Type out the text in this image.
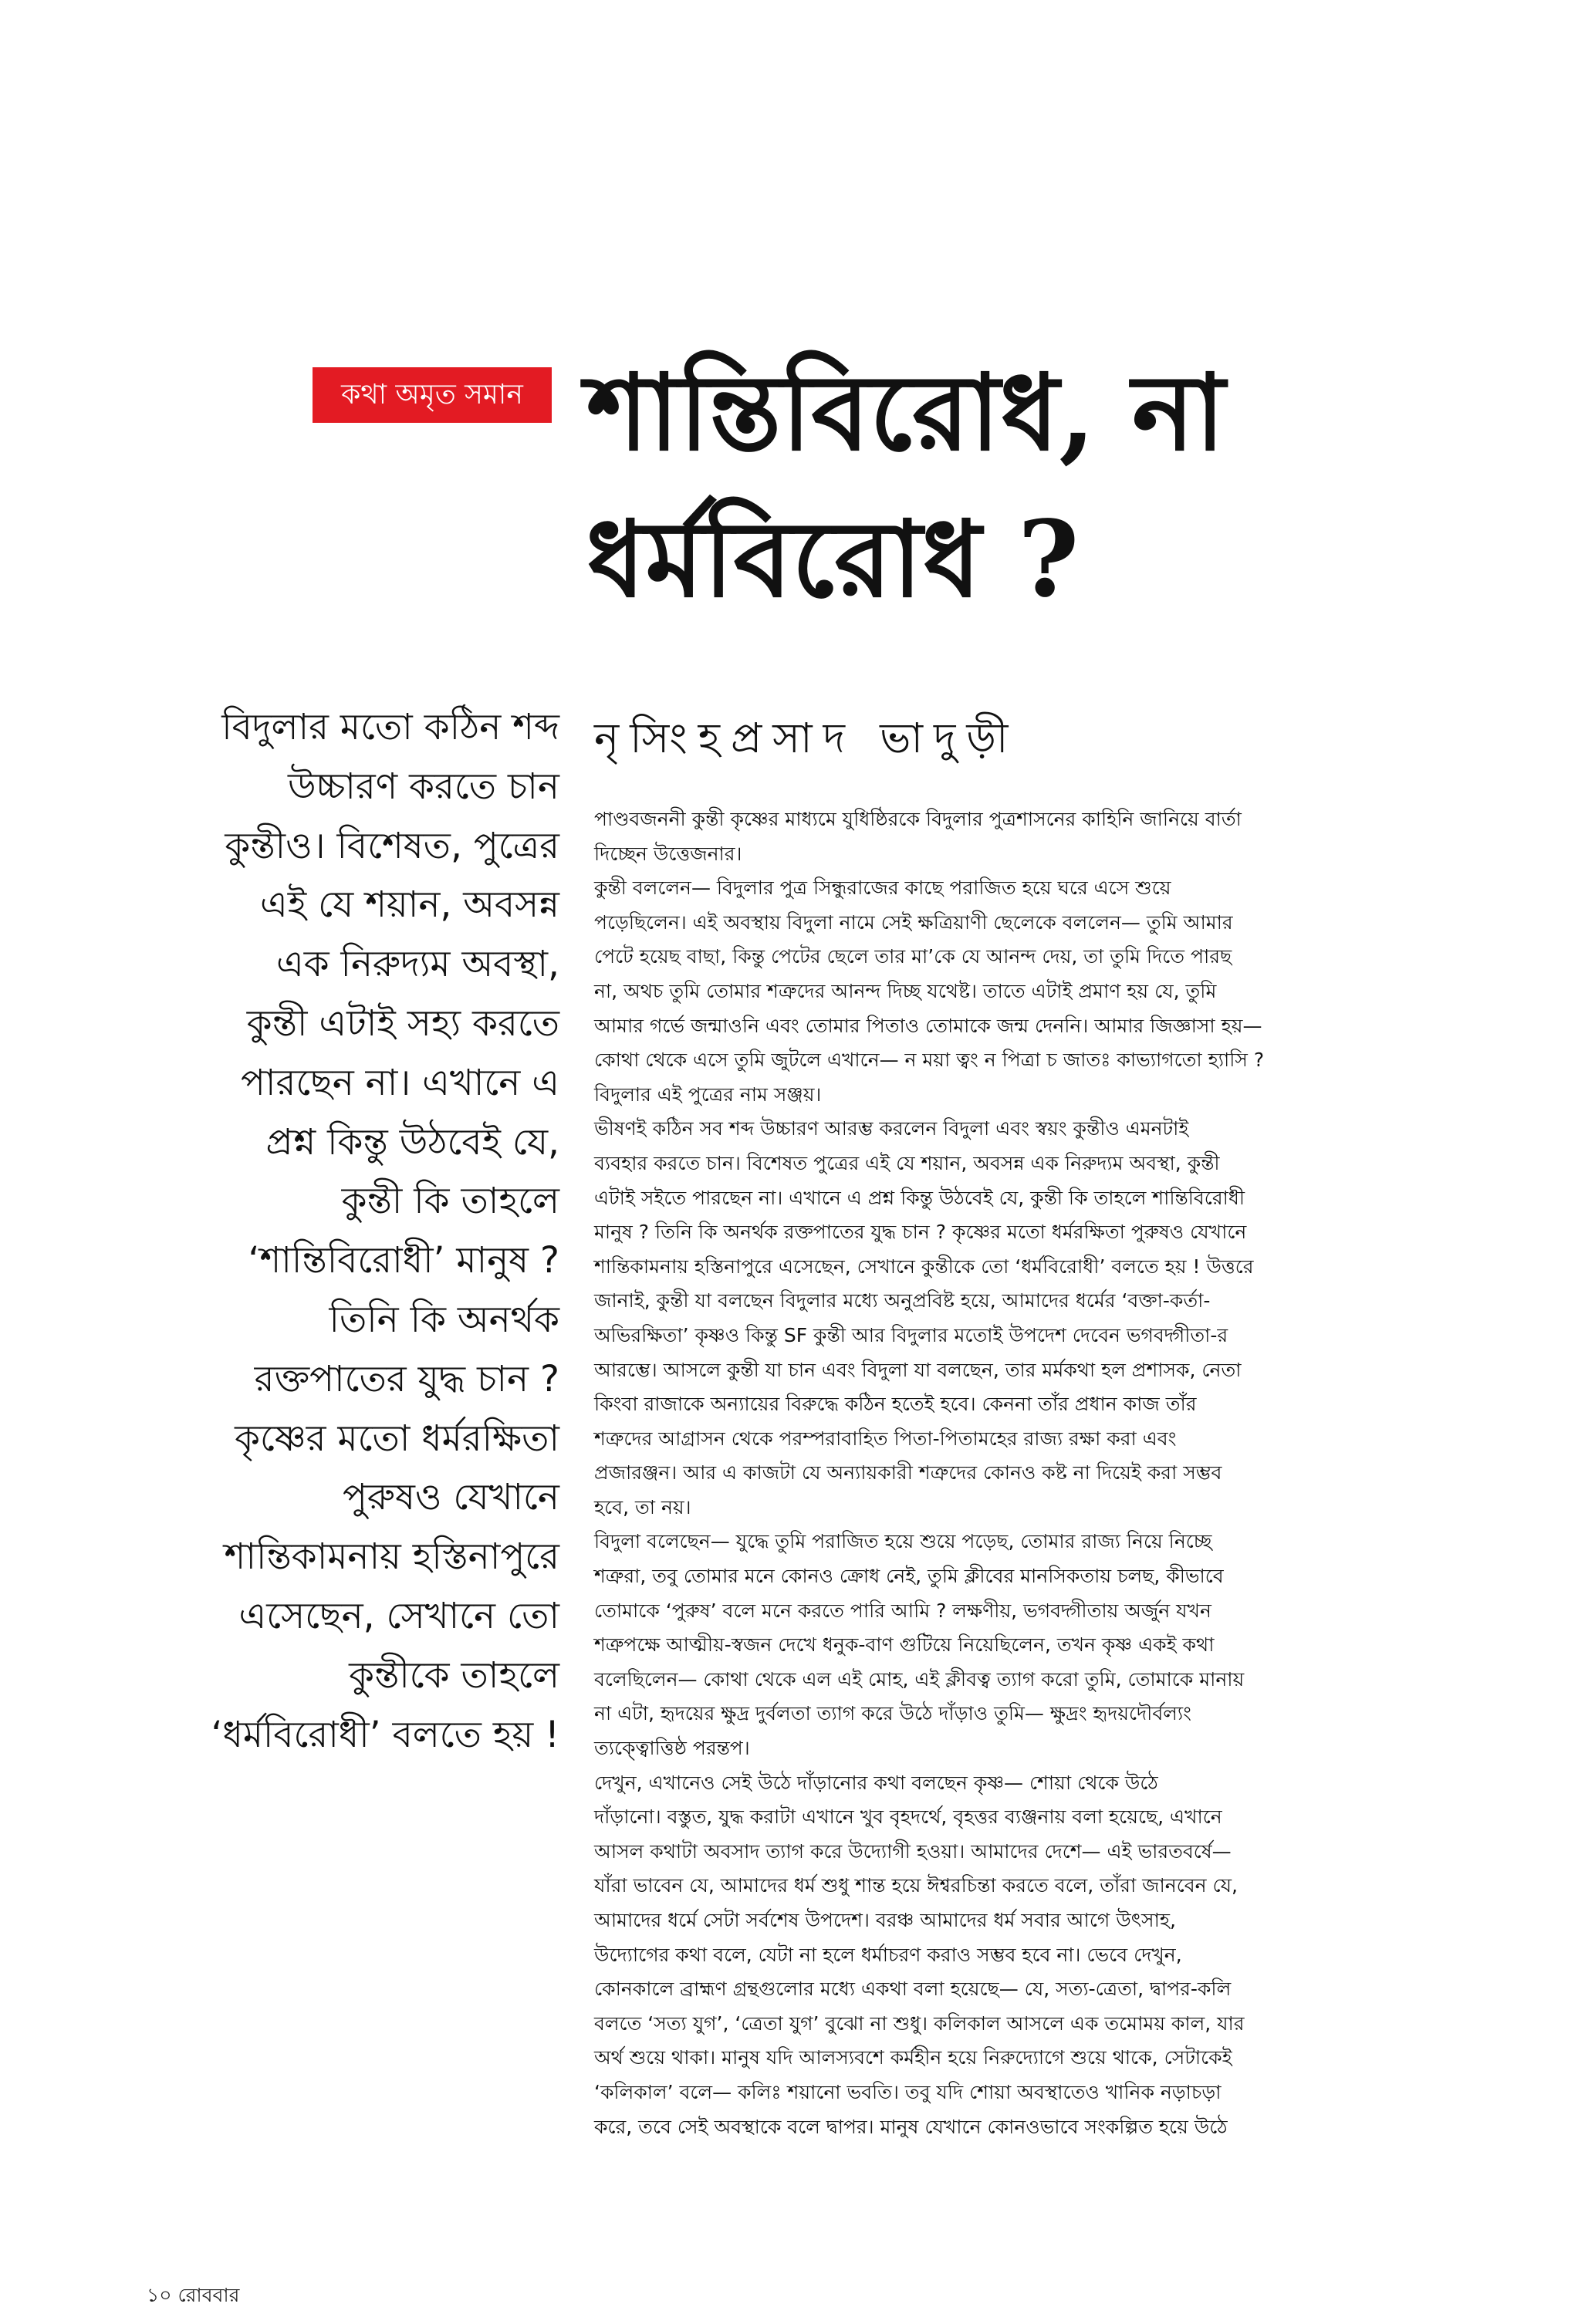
কথা অমৃত সমান শান্তিবিরোধ, না
ধর্মবিরোধ ?
বিদুলার মতো কঠিন শব্দ
উচ্চারণ করতে চান
কুন্তীও। বিশেষত, পুত্রের
এই যে শয়ান, অবসন্ন
এক নিরুদ্যম অবস্থা,
কুন্তী এটাই সহ্য করতে
পারছেন না। এখানে এ
প্রশ্ন কিন্তু উঠবেই যে,
কুন্তী কি তাহলে
‘শান্তিবিরোধী’ মানুষ ?
তিনি কি অনর্থক
রক্তপাতের যুদ্ধ চান ?
কৃষ্ণের মতো ধর্মরক্ষিতা
পুরুষও যেখানে
শান্তিকামনায় হস্তিনাপুরে
এসেছেন, সেখানে তো
কুন্তীকে তাহলে
‘ধর্মবিরোধী’ বলতে হয় !
নৃসিংহপ্রসাদ ভাদুড়ী
পাণ্ডবজননী কুন্তী কৃষ্ণের মাধ্যমে যুধিষ্ঠিরকে বিদুলার পুত্রশাসনের কাহিনি জানিয়ে বার্তা
দিচ্ছেন উত্তেজনার।
কুন্তী বললেন— বিদুলার পুত্র সিন্ধুরাজের কাছে পরাজিত হয়ে ঘরে এসে শুয়ে
পড়েছিলেন। এই অবস্থায় বিদুলা নামে সেই ক্ষত্রিয়াণী ছেলেকে বললেন— তুমি আমার
পেটে হয়েছ বাছা, কিন্তু পেটের ছেলে তার মা’কে যে আনন্দ দেয়, তা তুমি দিতে পারছ
না, অথচ তুমি তোমার শত্রুদের আনন্দ দিচ্ছ যথেষ্ট। তাতে এটাই প্রমাণ হয় যে, তুমি
আমার গর্ভে জন্মাওনি এবং তোমার পিতাও তোমাকে জন্ম দেননি। আমার জিজ্ঞাসা হয়—
কোথা থেকে এসে তুমি জুটলে এখানে— ন ময়া ত্বং ন পিত্রা চ জাতঃ কাভ্যাগতো হ্যাসি ?
বিদুলার এই পুত্রের নাম সঞ্জয়।
ভীষণই কঠিন সব শব্দ উচ্চারণ আরম্ভ করলেন বিদুলা এবং স্বয়ং কুন্তীও এমনটাই
ব্যবহার করতে চান। বিশেষত পুত্রের এই যে শয়ান, অবসন্ন এক নিরুদ্যম অবস্থা, কুন্তী
এটাই সইতে পারছেন না। এখানে এ প্রশ্ন কিন্তু উঠবেই যে, কুন্তী কি তাহলে শান্তিবিরোধী
মানুষ ? তিনি কি অনর্থক রক্তপাতের যুদ্ধ চান ? কৃষ্ণের মতো ধর্মরক্ষিতা পুরুষও যেখানে
শান্তিকামনায় হস্তিনাপুরে এসেছেন, সেখানে কুন্তীকে তো ‘ধর্মবিরোধী’ বলতে হয় ! উত্তরে
জানাই, কুন্তী যা বলছেন বিদুলার মধ্যে অনুপ্রবিষ্ট হয়ে, আমাদের ধর্মের ‘বক্তা-কর্তা-
অভিরক্ষিতা’ কৃষ্ণও কিন্তু SF কুন্তী আর বিদুলার মতোই উপদেশ দেবেন ভগবদ্গীতা-র
আরম্ভে। আসলে কুন্তী যা চান এবং বিদুলা যা বলছেন, তার মর্মকথা হল প্রশাসক, নেতা
কিংবা রাজাকে অন্যায়ের বিরুদ্ধে কঠিন হতেই হবে। কেননা তাঁর প্রধান কাজ তাঁর
শত্রুদের আগ্রাসন থেকে পরম্পরাবাহিত পিতা-পিতামহের রাজ্য রক্ষা করা এবং
প্রজারঞ্জন। আর এ কাজটা যে অন্যায়কারী শত্রুদের কোনও কষ্ট না দিয়েই করা সম্ভব
হবে, তা নয়।
বিদুলা বলেছেন— যুদ্ধে তুমি পরাজিত হয়ে শুয়ে পড়েছ, তোমার রাজ্য নিয়ে নিচ্ছে
শত্রুরা, তবু তোমার মনে কোনও ক্রোধ নেই, তুমি ক্লীবের মানসিকতায় চলছ, কীভাবে
তোমাকে ‘পুরুষ’ বলে মনে করতে পারি আমি ? লক্ষণীয়, ভগবদ্গীতায় অর্জুন যখন
শত্রুপক্ষে আত্মীয়-স্বজন দেখে ধনুক-বাণ গুটিয়ে নিয়েছিলেন, তখন কৃষ্ণ একই কথা
বলেছিলেন— কোথা থেকে এল এই মোহ, এই ক্লীবত্ব ত্যাগ করো তুমি, তোমাকে মানায়
না এটা, হৃদয়ের ক্ষুদ্র দুর্বলতা ত্যাগ করে উঠে দাঁড়াও তুমি— ক্ষুদ্রং হৃদয়দৌর্বল্যং
ত্যক্ত্বোত্তিষ্ঠ পরন্তপ।
দেখুন, এখানেও সেই উঠে দাঁড়ানোর কথা বলছেন কৃষ্ণ— শোয়া থেকে উঠে
দাঁড়ানো। বস্তুত, যুদ্ধ করাটা এখানে খুব বৃহদর্থে, বৃহত্তর ব্যঞ্জনায় বলা হয়েছে, এখানে
আসল কথাটা অবসাদ ত্যাগ করে উদ্যোগী হওয়া। আমাদের দেশে— এই ভারতবর্ষে—
যাঁরা ভাবেন যে, আমাদের ধর্ম শুধু শান্ত হয়ে ঈশ্বরচিন্তা করতে বলে, তাঁরা জানবেন যে,
আমাদের ধর্মে সেটা সর্বশেষ উপদেশ। বরঞ্চ আমাদের ধর্ম সবার আগে উৎসাহ,
উদ্যোগের কথা বলে, যেটা না হলে ধর্মাচরণ করাও সম্ভব হবে না। ভেবে দেখুন,
কোনকালে ব্রাহ্মণ গ্রন্থগুলোর মধ্যে একথা বলা হয়েছে— যে, সত্য-ত্রেতা, দ্বাপর-কলি
বলতে ‘সত্য যুগ’, ‘ত্রেতা যুগ’ বুঝো না শুধু। কলিকাল আসলে এক তমোময় কাল, যার
অর্থ শুয়ে থাকা। মানুষ যদি আলস্যবশে কর্মহীন হয়ে নিরুদ্যোগে শুয়ে থাকে, সেটাকেই
‘কলিকাল’ বলে— কলিঃ শয়ানো ভবতি। তবু যদি শোয়া অবস্থাতেও খানিক নড়াচড়া
করে, তবে সেই অবস্থাকে বলে দ্বাপর। মানুষ যেখানে কোনওভাবে সংকল্পিত হয়ে উঠে
১০ রোববার
